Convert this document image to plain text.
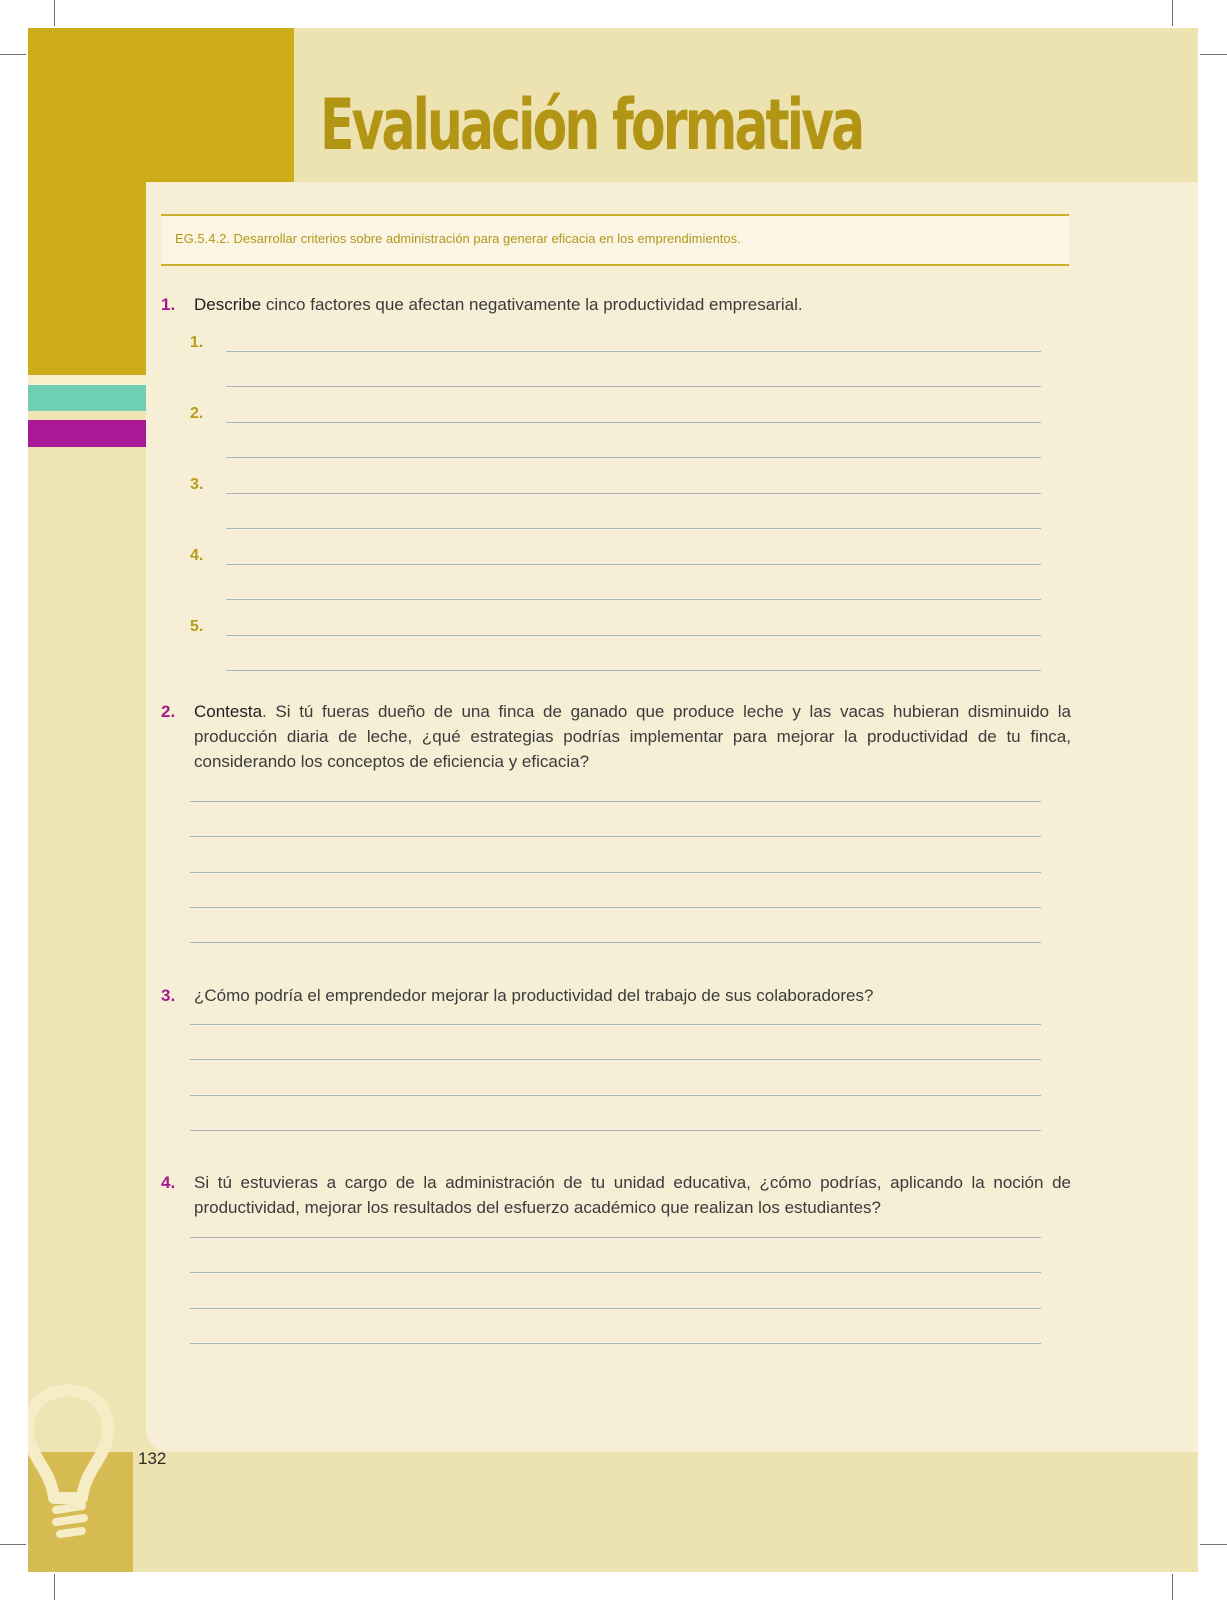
Evaluación formativa
EG.5.4.2. Desarrollar criterios sobre administración para generar eficacia en los emprendimientos.
1. Describe cinco factores que afectan negativamente la productividad empresarial.
1.
2.
3.
4.
5.
2. Contesta. Si tú fueras dueño de una finca de ganado que produce leche y las vacas hubieran disminuido la producción diaria de leche, ¿qué estrategias podrías implementar para mejorar la productividad de tu finca, considerando los conceptos de eficiencia y eficacia?
3. ¿Cómo podría el emprendedor mejorar la productividad del trabajo de sus colaboradores?
4. Si tú estuvieras a cargo de la administración de tu unidad educativa, ¿cómo podrías, aplicando la noción de productividad, mejorar los resultados del esfuerzo académico que realizan los estudiantes?
132
